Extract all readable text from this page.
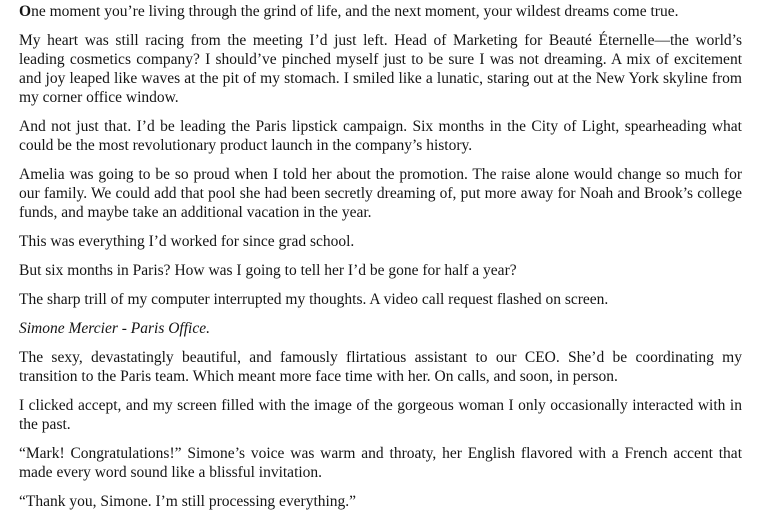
One moment you’re living through the grind of life, and the next moment, your wildest dreams come true.

My heart was still racing from the meeting I’d just left. Head of Marketing for Beauté Éternelle—the world’s leading cosmetics company? I should’ve pinched myself just to be sure I was not dreaming. A mix of excitement and joy leaped like waves at the pit of my stomach. I smiled like a lunatic, staring out at the New York skyline from my corner office window.

And not just that. I’d be leading the Paris lipstick campaign. Six months in the City of Light, spearheading what could be the most revolutionary product launch in the company’s history.

Amelia was going to be so proud when I told her about the promotion. The raise alone would change so much for our family. We could add that pool she had been secretly dreaming of, put more away for Noah and Brook’s college funds, and maybe take an additional vacation in the year.

This was everything I’d worked for since grad school.

But six months in Paris? How was I going to tell her I’d be gone for half a year?

The sharp trill of my computer interrupted my thoughts. A video call request flashed on screen.

Simone Mercier - Paris Office.

The sexy, devastatingly beautiful, and famously flirtatious assistant to our CEO. She’d be coordinating my transition to the Paris team. Which meant more face time with her. On calls, and soon, in person.

I clicked accept, and my screen filled with the image of the gorgeous woman I only occasionally interacted with in the past.

“Mark! Congratulations!” Simone’s voice was warm and throaty, her English flavored with a French accent that made every word sound like a blissful invitation.

“Thank you, Simone. I’m still processing everything.”
